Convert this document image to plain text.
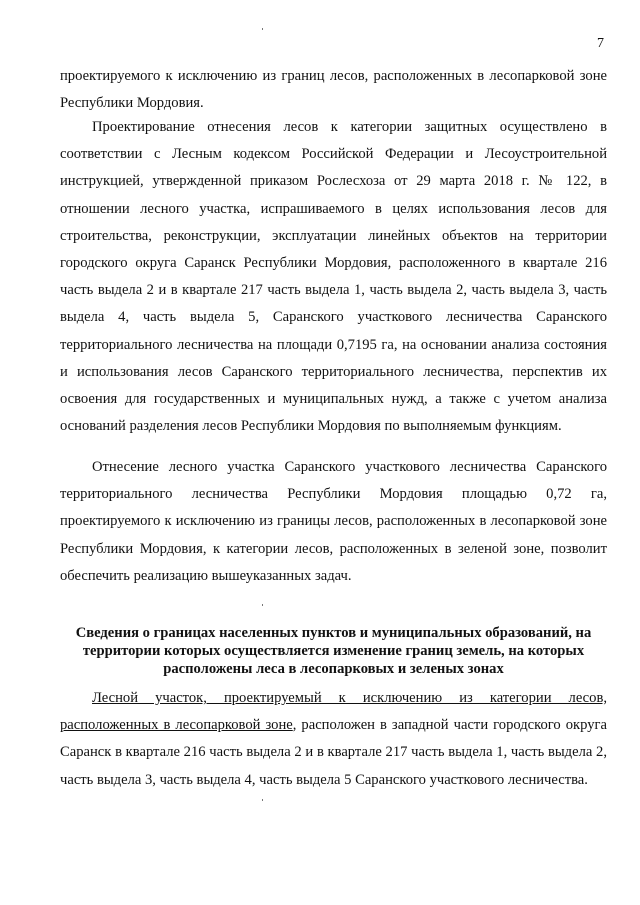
7
проектируемого к исключению из границ лесов, расположенных в лесопарковой зоне Республики Мордовия.
Проектирование отнесения лесов к категории защитных осуществлено в соответствии с Лесным кодексом Российской Федерации и Лесоустроительной инструкцией, утвержденной приказом Рослесхоза от 29 марта 2018 г. № 122, в отношении лесного участка, испрашиваемого в целях использования лесов для строительства, реконструкции, эксплуатации линейных объектов на территории городского округа Саранск Республики Мордовия, расположенного в квартале 216 часть выдела 2 и в квартале 217 часть выдела 1, часть выдела 2, часть выдела 3, часть выдела 4, часть выдела 5, Саранского участкового лесничества Саранского территориального лесничества на площади 0,7195 га, на основании анализа состояния и использования лесов Саранского территориального лесничества, перспектив их освоения для государственных и муниципальных нужд, а также с учетом анализа оснований разделения лесов Республики Мордовия по выполняемым функциям.
Отнесение лесного участка Саранского участкового лесничества Саранского территориального лесничества Республики Мордовия площадью 0,72 га, проектируемого к исключению из границы лесов, расположенных в лесопарковой зоне Республики Мордовия, к категории лесов, расположенных в зеленой зоне, позволит обеспечить реализацию вышеуказанных задач.
Сведения о границах населенных пунктов и муниципальных образований, на территории которых осуществляется изменение границ земель, на которых расположены леса в лесопарковых и зеленых зонах
Лесной участок, проектируемый к исключению из категории лесов, расположенных в лесопарковой зоне, расположен в западной части городского округа Саранск в квартале 216 часть выдела 2 и в квартале 217 часть выдела 1, часть выдела 2, часть выдела 3, часть выдела 4, часть выдела 5 Саранского участкового лесничества.
